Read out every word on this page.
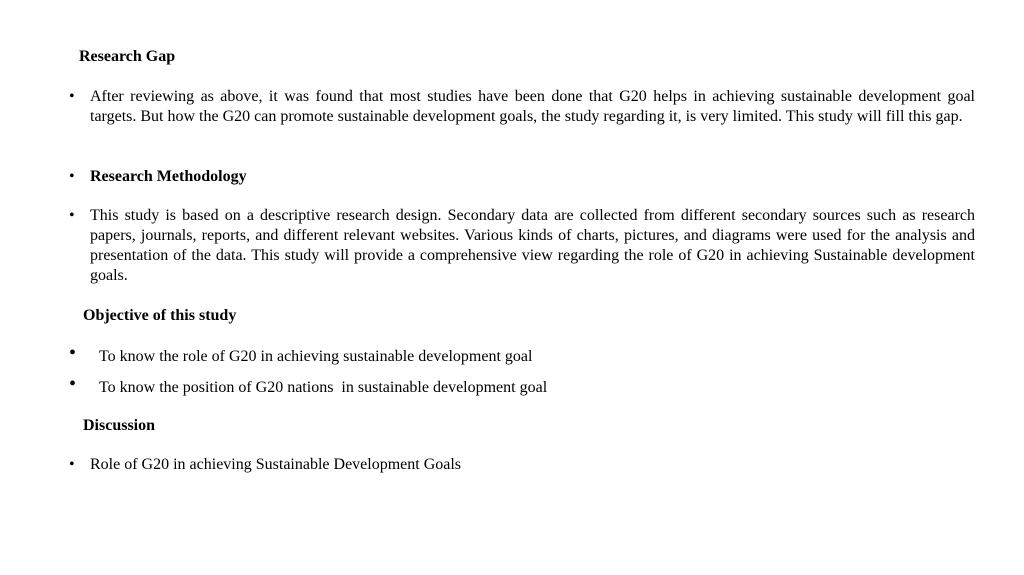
Research Gap
• After reviewing as above, it was found that most studies have been done that G20 helps in achieving sustainable development goal targets. But how the G20 can promote sustainable development goals, the study regarding it, is very limited. This study will fill this gap.
• Research Methodology
• This study is based on a descriptive research design. Secondary data are collected from different secondary sources such as research papers, journals, reports, and different relevant websites. Various kinds of charts, pictures, and diagrams were used for the analysis and presentation of the data. This study will provide a comprehensive view regarding the role of G20 in achieving Sustainable development goals.
Objective of this study
• To know the role of G20 in achieving sustainable development goal
• To know the position of G20 nations  in sustainable development goal
Discussion
• Role of G20 in achieving Sustainable Development Goals
